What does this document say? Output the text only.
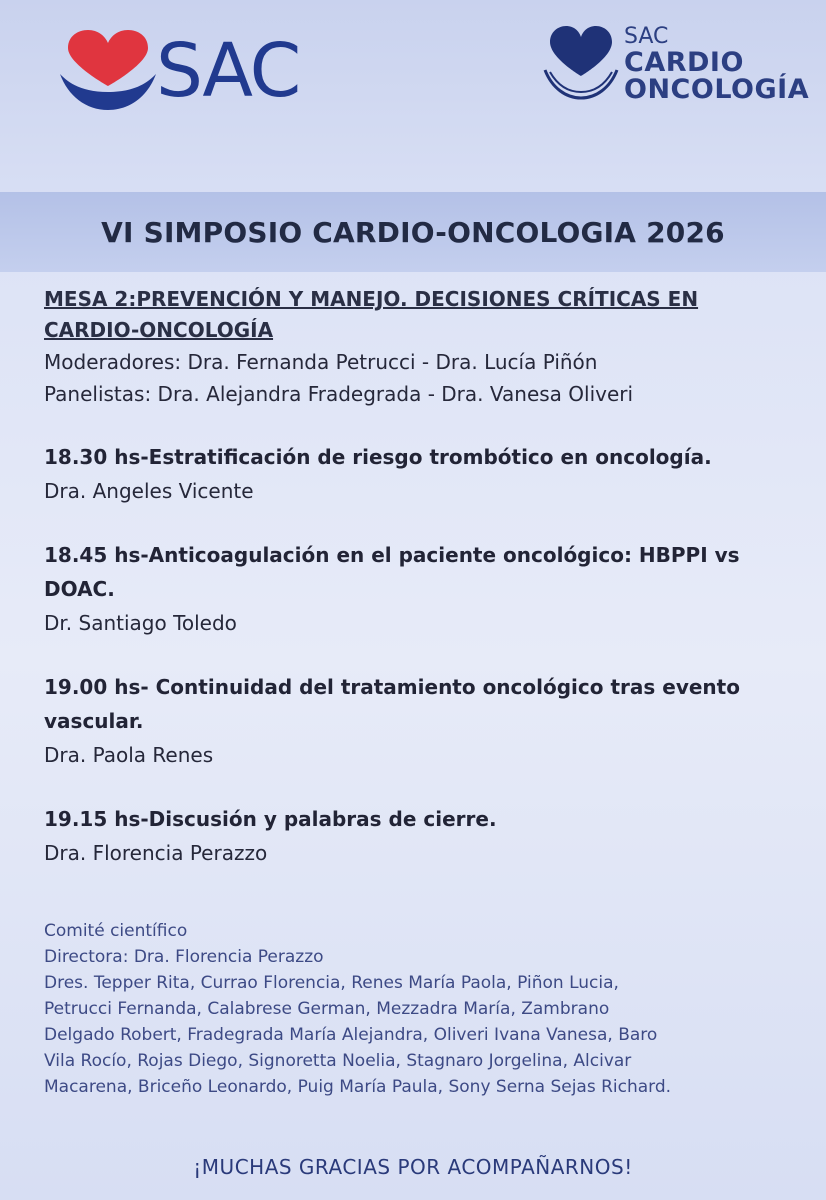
SAC	SAC
CARDIO
ONCOLOGÍA
VI SIMPOSIO CARDIO-ONCOLOGIA 2026

MESA 2:PREVENCIÓN Y MANEJO. DECISIONES CRÍTICAS EN

CARDIO-ONCOLOGÍA

Moderadores: Dra. Fernanda Petrucci - Dra. Lucía Piñón

Panelistas: Dra. Alejandra Fradegrada - Dra. Vanesa Oliveri

18.30 hs-Estratificación de riesgo trombótico en oncología.

Dra. Angeles Vicente

18.45 hs-Anticoagulación en el paciente oncológico: HBPPI vs

DOAC.

Dr. Santiago Toledo

19.00 hs- Continuidad del tratamiento oncológico tras evento

vascular.

Dra. Paola Renes

19.15 hs-Discusión y palabras de cierre.

Dra. Florencia Perazzo

Comité científico

Directora: Dra. Florencia Perazzo

Dres. Tepper Rita, Currao Florencia, Renes María Paola, Piñon Lucia,

Petrucci Fernanda, Calabrese German, Mezzadra María, Zambrano

Delgado Robert, Fradegrada María Alejandra, Oliveri Ivana Vanesa, Baro

Vila Rocío, Rojas Diego, Signoretta Noelia, Stagnaro Jorgelina, Alcivar

Macarena, Briceño Leonardo, Puig María Paula, Sony Serna Sejas Richard.

¡MUCHAS GRACIAS POR ACOMPAÑARNOS!
